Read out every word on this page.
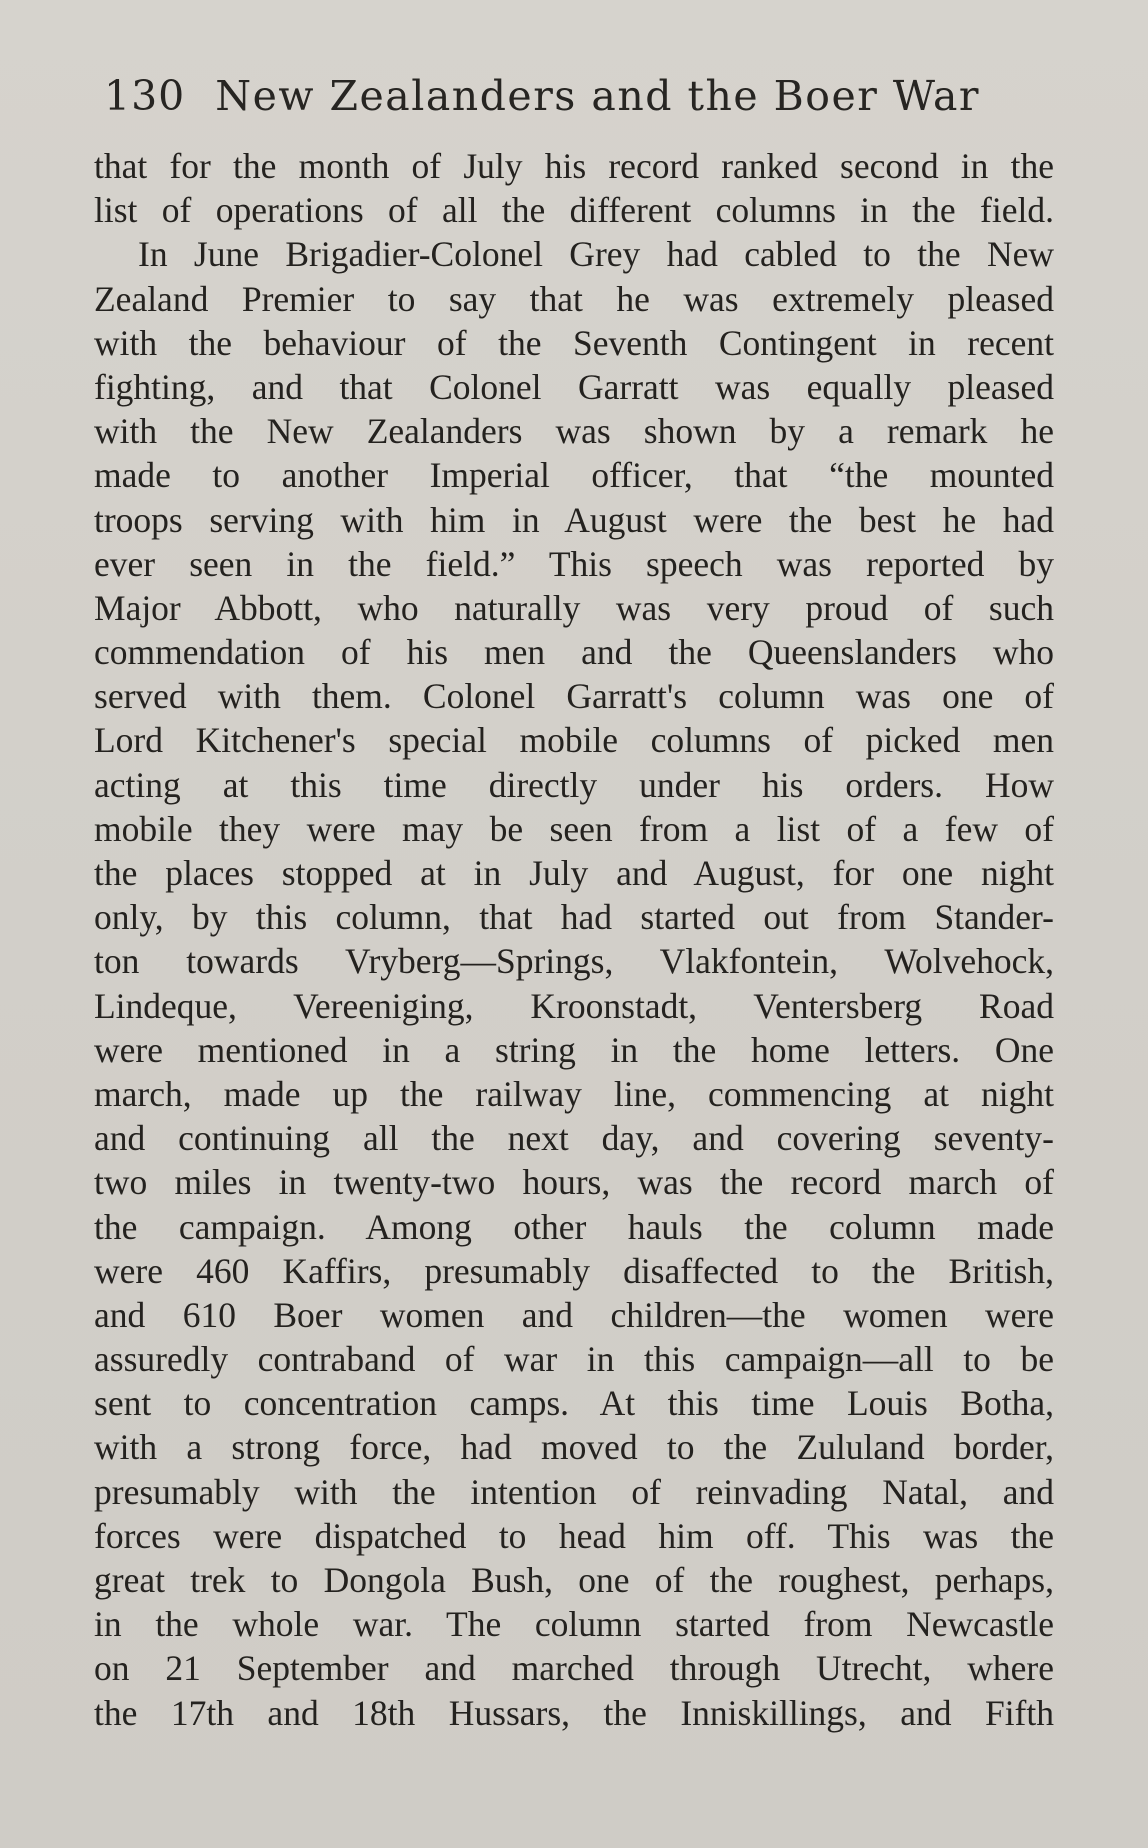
130 New Zealanders and the Boer War
that for the month of July his record ranked second in the
list of operations of all the different columns in the field.
In June Brigadier-Colonel Grey had cabled to the New
Zealand Premier to say that he was extremely pleased
with the behaviour of the Seventh Contingent in recent
fighting, and that Colonel Garratt was equally pleased
with the New Zealanders was shown by a remark he
made to another Imperial officer, that “the mounted
troops serving with him in August were the best he had
ever seen in the field.” This speech was reported by
Major Abbott, who naturally was very proud of such
commendation of his men and the Queenslanders who
served with them. Colonel Garratt's column was one of
Lord Kitchener's special mobile columns of picked men
acting at this time directly under his orders. How
mobile they were may be seen from a list of a few of
the places stopped at in July and August, for one night
only, by this column, that had started out from Stander-
ton towards Vryberg—Springs, Vlakfontein, Wolvehock,
Lindeque, Vereeniging, Kroonstadt, Ventersberg Road
were mentioned in a string in the home letters. One
march, made up the railway line, commencing at night
and continuing all the next day, and covering seventy-
two miles in twenty-two hours, was the record march of
the campaign. Among other hauls the column made
were 460 Kaffirs, presumably disaffected to the British,
and 610 Boer women and children—the women were
assuredly contraband of war in this campaign—all to be
sent to concentration camps. At this time Louis Botha,
with a strong force, had moved to the Zululand border,
presumably with the intention of reinvading Natal, and
forces were dispatched to head him off. This was the
great trek to Dongola Bush, one of the roughest, perhaps,
in the whole war. The column started from Newcastle
on 21 September and marched through Utrecht, where
the 17th and 18th Hussars, the Inniskillings, and Fifth
